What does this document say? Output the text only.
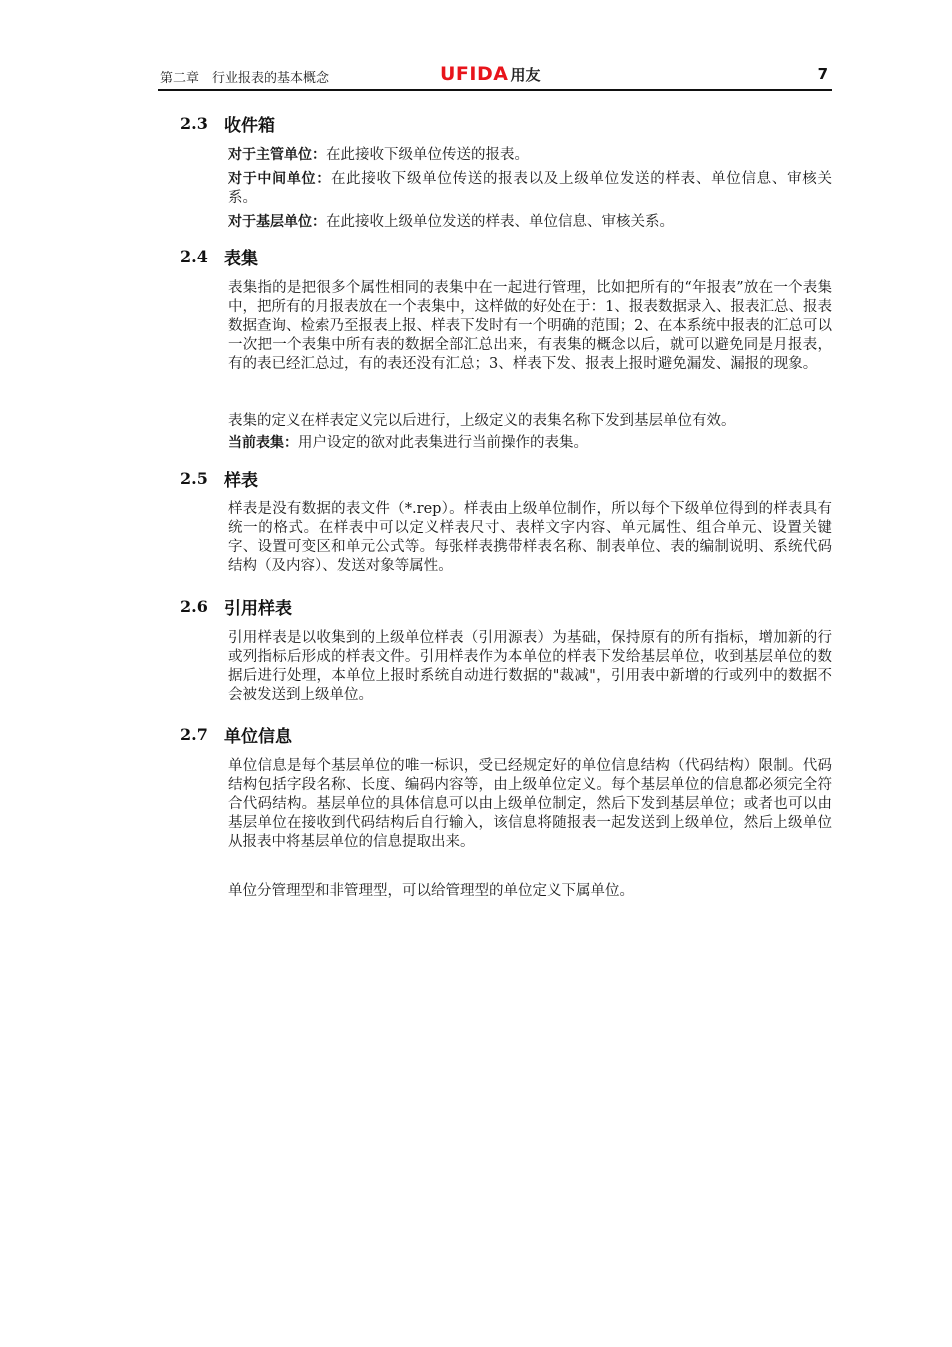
第二章　行业报表的基本概念	UFIDA 用友	7
2.3 收件箱

对于主管单位：在此接收下级单位传送的报表。

对于中间单位：在此接收下级单位传送的报表以及上级单位发送的样表、单位信息、审核关系。

对于基层单位：在此接收上级单位发送的样表、单位信息、审核关系。

2.4 表集

表集指的是把很多个属性相同的表集中在一起进行管理，比如把所有的“年报表”放在一个表集中，把所有的月报表放在一个表集中，这样做的好处在于：1、报表数据录入、报表汇总、报表数据查询、检索乃至报表上报、样表下发时有一个明确的范围；2、在本系统中报表的汇总可以一次把一个表集中所有表的数据全部汇总出来，有表集的概念以后，就可以避免同是月报表，有的表已经汇总过，有的表还没有汇总；3、样表下发、报表上报时避免漏发、漏报的现象。

表集的定义在样表定义完以后进行，上级定义的表集名称下发到基层单位有效。

当前表集：用户设定的欲对此表集进行当前操作的表集。

2.5 样表

样表是没有数据的表文件（*.rep）。样表由上级单位制作，所以每个下级单位得到的样表具有统一的格式。在样表中可以定义样表尺寸、表样文字内容、单元属性、组合单元、设置关键字、设置可变区和单元公式等。每张样表携带样表名称、制表单位、表的编制说明、系统代码结构（及内容）、发送对象等属性。

2.6 引用样表

引用样表是以收集到的上级单位样表（引用源表）为基础，保持原有的所有指标，增加新的行或列指标后形成的样表文件。引用样表作为本单位的样表下发给基层单位，收到基层单位的数据后进行处理，本单位上报时系统自动进行数据的"裁减"，引用表中新增的行或列中的数据不会被发送到上级单位。

2.7 单位信息

单位信息是每个基层单位的唯一标识，受已经规定好的单位信息结构（代码结构）限制。代码结构包括字段名称、长度、编码内容等，由上级单位定义。每个基层单位的信息都必须完全符合代码结构。基层单位的具体信息可以由上级单位制定，然后下发到基层单位；或者也可以由基层单位在接收到代码结构后自行输入，该信息将随报表一起发送到上级单位，然后上级单位从报表中将基层单位的信息提取出来。

单位分管理型和非管理型，可以给管理型的单位定义下属单位。
